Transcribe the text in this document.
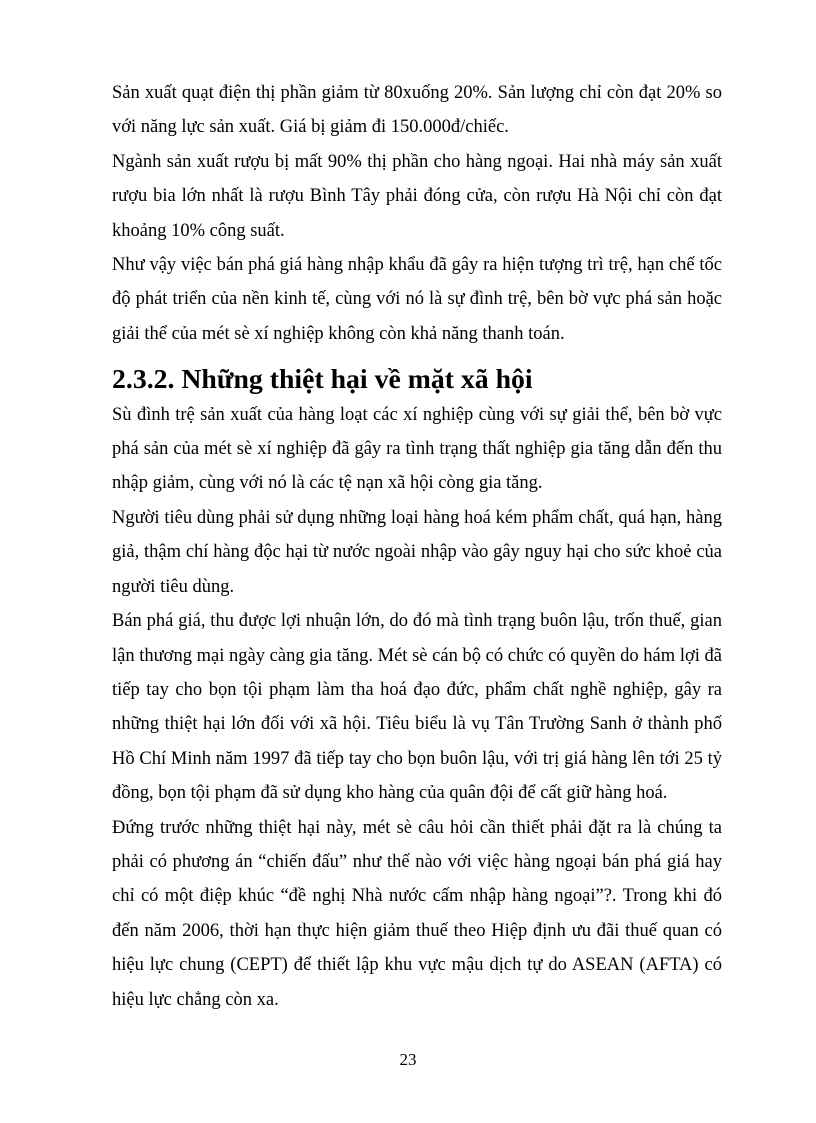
Sản xuất quạt điện thị phần giảm từ 80xuống 20%. Sản lượng chỉ còn đạt 20% so với năng lực sản xuất. Giá bị giảm đi 150.000đ/chiếc.

Ngành sản xuất rượu bị mất 90% thị phần cho hàng ngoại. Hai nhà máy sản xuất rượu bia lớn nhất là rượu Bình Tây phải đóng cửa, còn rượu Hà Nội chỉ còn đạt khoảng 10% công suất.

Như vậy việc bán phá giá hàng nhập khẩu đã gây ra hiện tượng trì trệ, hạn chế tốc độ phát triển của nền kinh tế, cùng với nó là sự đình trệ, bên bờ vực phá sản hoặc giải thể của mét sè xí nghiệp không còn khả năng thanh toán.

2.3.2. Những thiệt hại về mặt xã hội

Sù đình trệ sản xuất của hàng loạt các xí nghiệp cùng với sự giải thể, bên bờ vực phá sản của mét sè xí nghiệp đã gây ra tình trạng thất nghiệp gia tăng dẫn đến thu nhập giảm, cùng với nó là các tệ nạn xã hội còng gia tăng.

Người tiêu dùng phải sử dụng những loại hàng hoá kém phẩm chất, quá hạn, hàng giả, thậm chí hàng độc hại từ nước ngoài nhập vào gây nguy hại cho sức khoẻ của người tiêu dùng.

Bán phá giá, thu được lợi nhuận lớn, do đó mà tình trạng buôn lậu, trốn thuế, gian lận thương mại ngày càng gia tăng. Mét sè cán bộ có chức có quyền do hám lợi đã tiếp tay cho bọn tội phạm làm tha hoá đạo đức, phẩm chất nghề nghiệp, gây ra những thiệt hại lớn đối với xã hội. Tiêu biểu là vụ Tân Trường Sanh ở thành phố Hồ Chí Minh năm 1997 đã tiếp tay cho bọn buôn lậu, với trị giá hàng lên tới 25 tỷ đồng, bọn tội phạm đã sử dụng kho hàng của quân đội để cất giữ hàng hoá.

Đứng trước những thiệt hại này, mét sè câu hỏi cần thiết phải đặt ra là chúng ta phải có phương án “chiến đấu” như thế nào với việc hàng ngoại bán phá giá hay chỉ có một điệp khúc “đề nghị Nhà nước cấm nhập hàng ngoại”?. Trong khi đó đến năm 2006, thời hạn thực hiện giảm thuế theo Hiệp định ưu đãi thuế quan có hiệu lực chung (CEPT) để thiết lập khu vực mậu dịch tự do ASEAN (AFTA) có hiệu lực chẳng còn xa.

23
